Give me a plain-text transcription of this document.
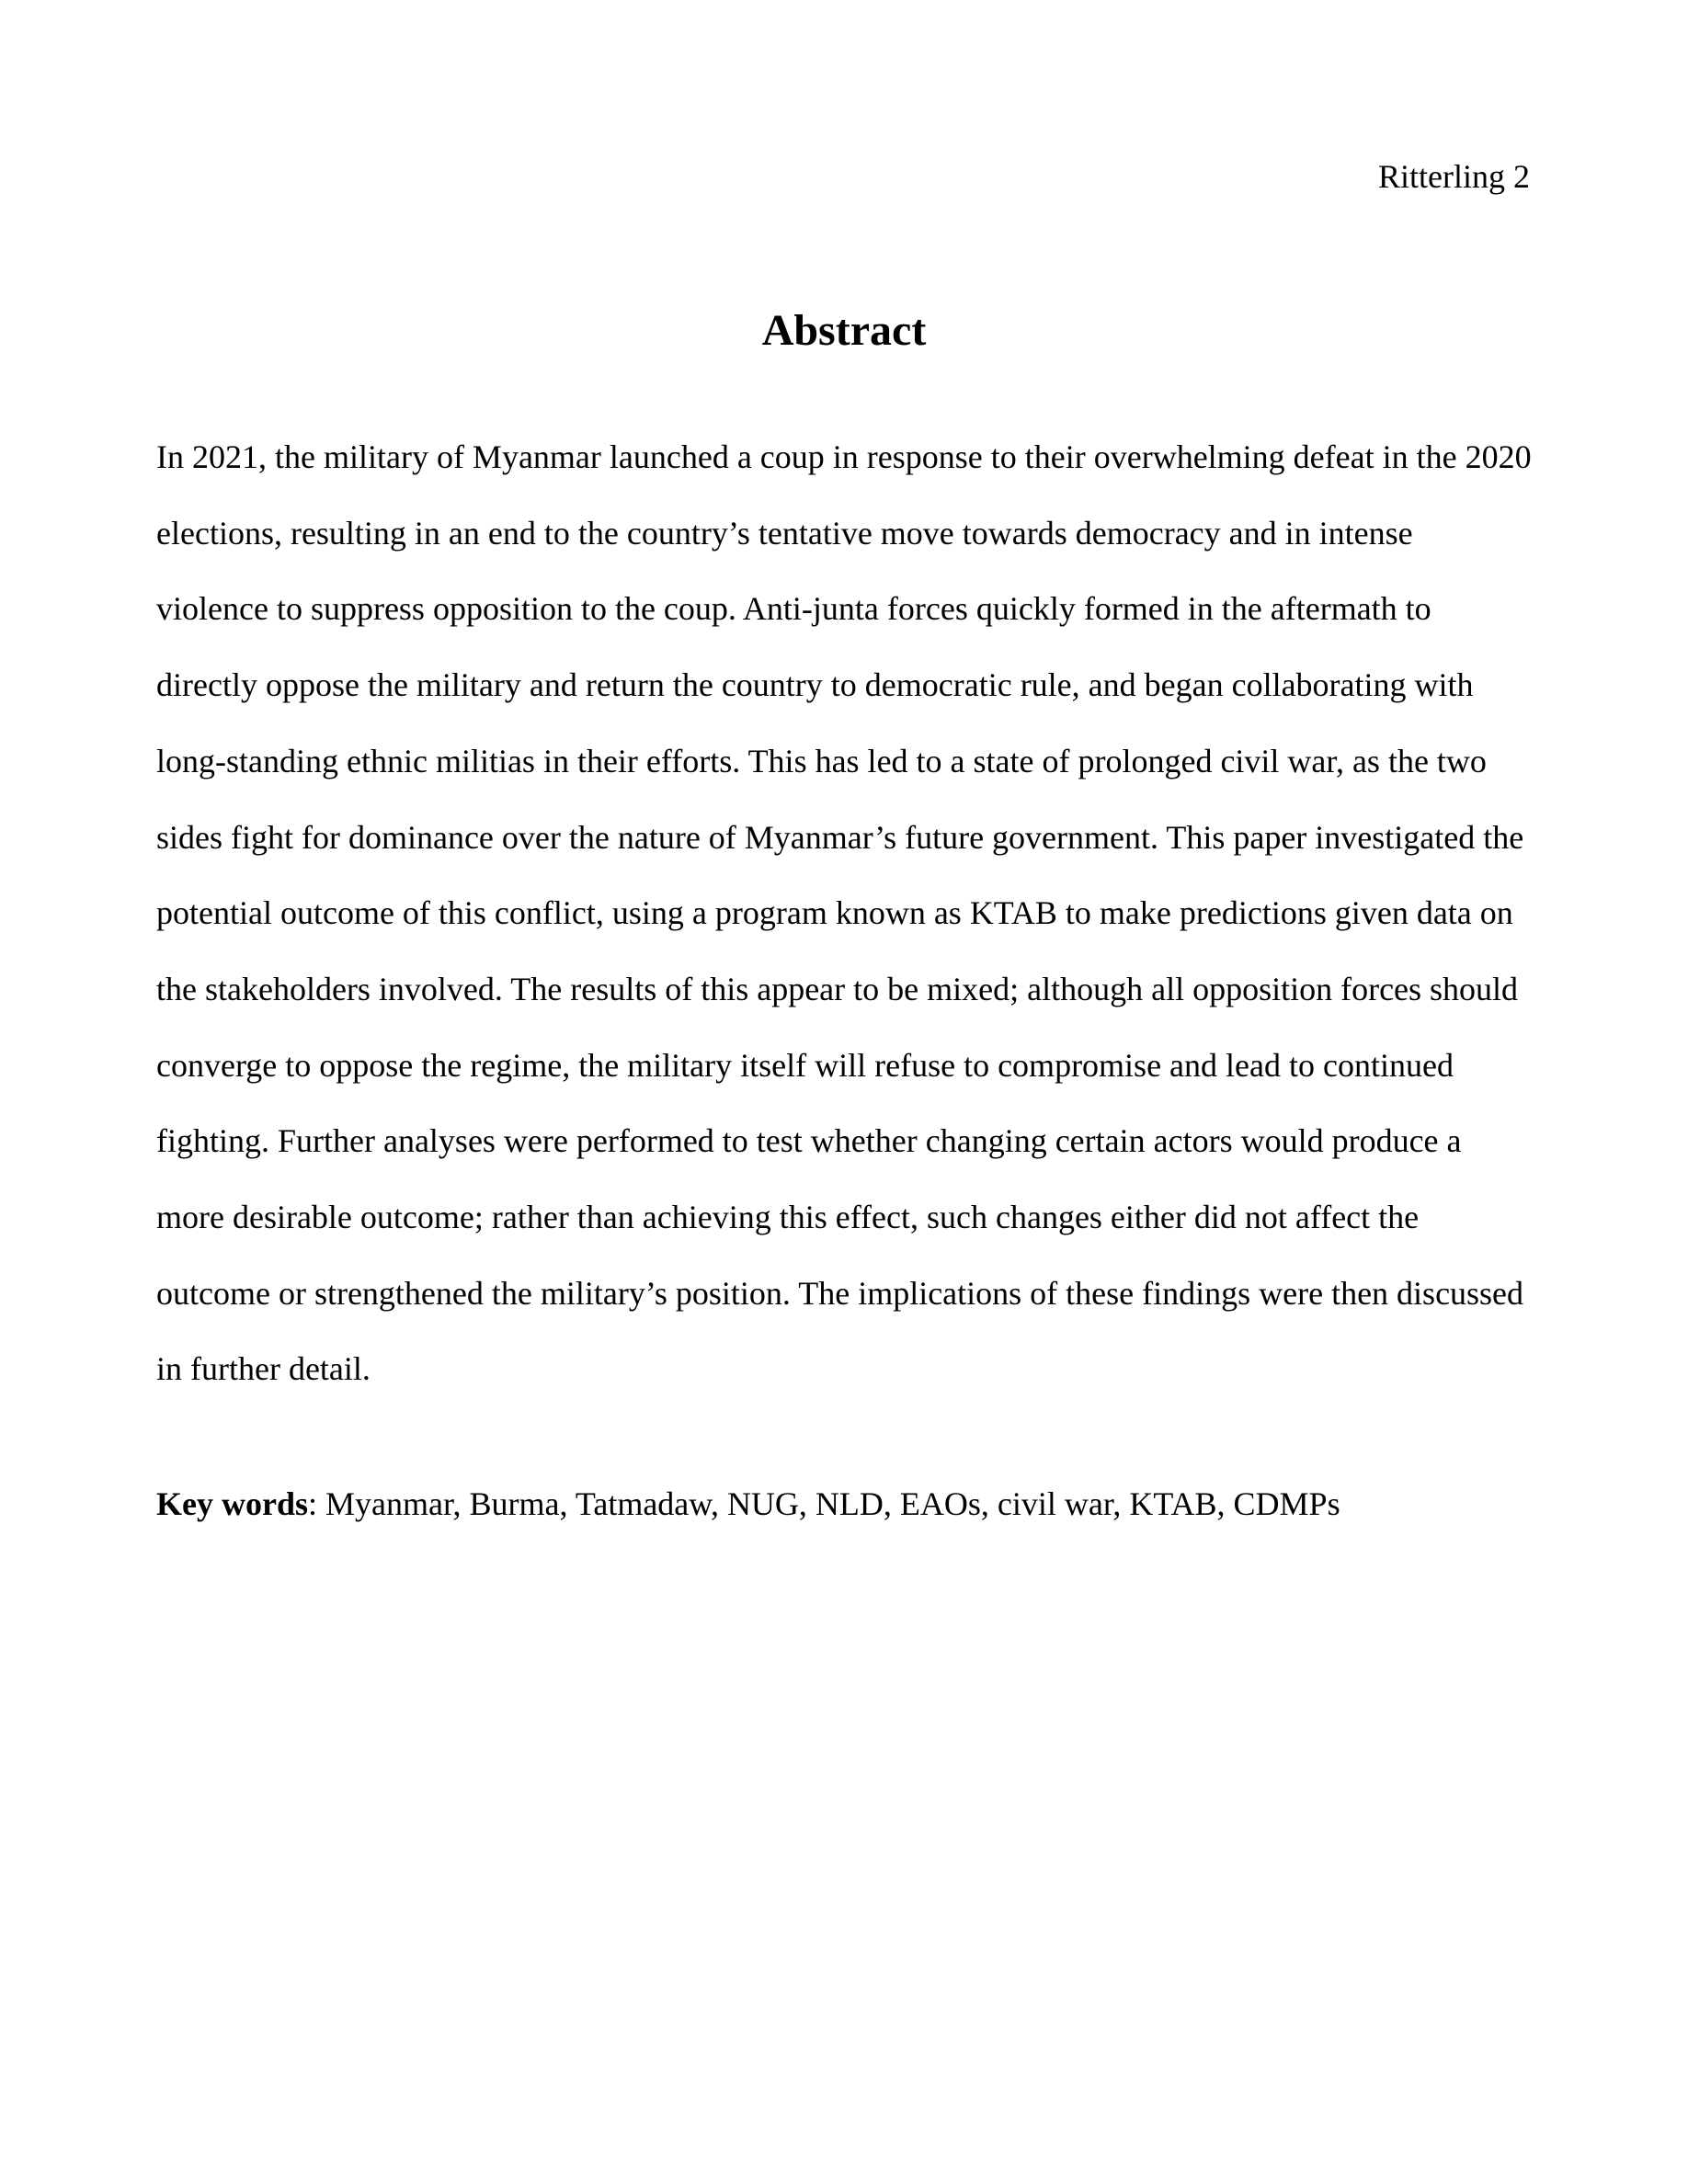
Ritterling 2
Abstract
In 2021, the military of Myanmar launched a coup in response to their overwhelming defeat in the 2020
elections, resulting in an end to the country’s tentative move towards democracy and in intense
violence to suppress opposition to the coup. Anti-junta forces quickly formed in the aftermath to
directly oppose the military and return the country to democratic rule, and began collaborating with
long-standing ethnic militias in their efforts. This has led to a state of prolonged civil war, as the two
sides fight for dominance over the nature of Myanmar’s future government. This paper investigated the
potential outcome of this conflict, using a program known as KTAB to make predictions given data on
the stakeholders involved. The results of this appear to be mixed; although all opposition forces should
converge to oppose the regime, the military itself will refuse to compromise and lead to continued
fighting. Further analyses were performed to test whether changing certain actors would produce a
more desirable outcome; rather than achieving this effect, such changes either did not affect the
outcome or strengthened the military’s position. The implications of these findings were then discussed
in further detail.
Key words: Myanmar, Burma, Tatmadaw, NUG, NLD, EAOs, civil war, KTAB, CDMPs
